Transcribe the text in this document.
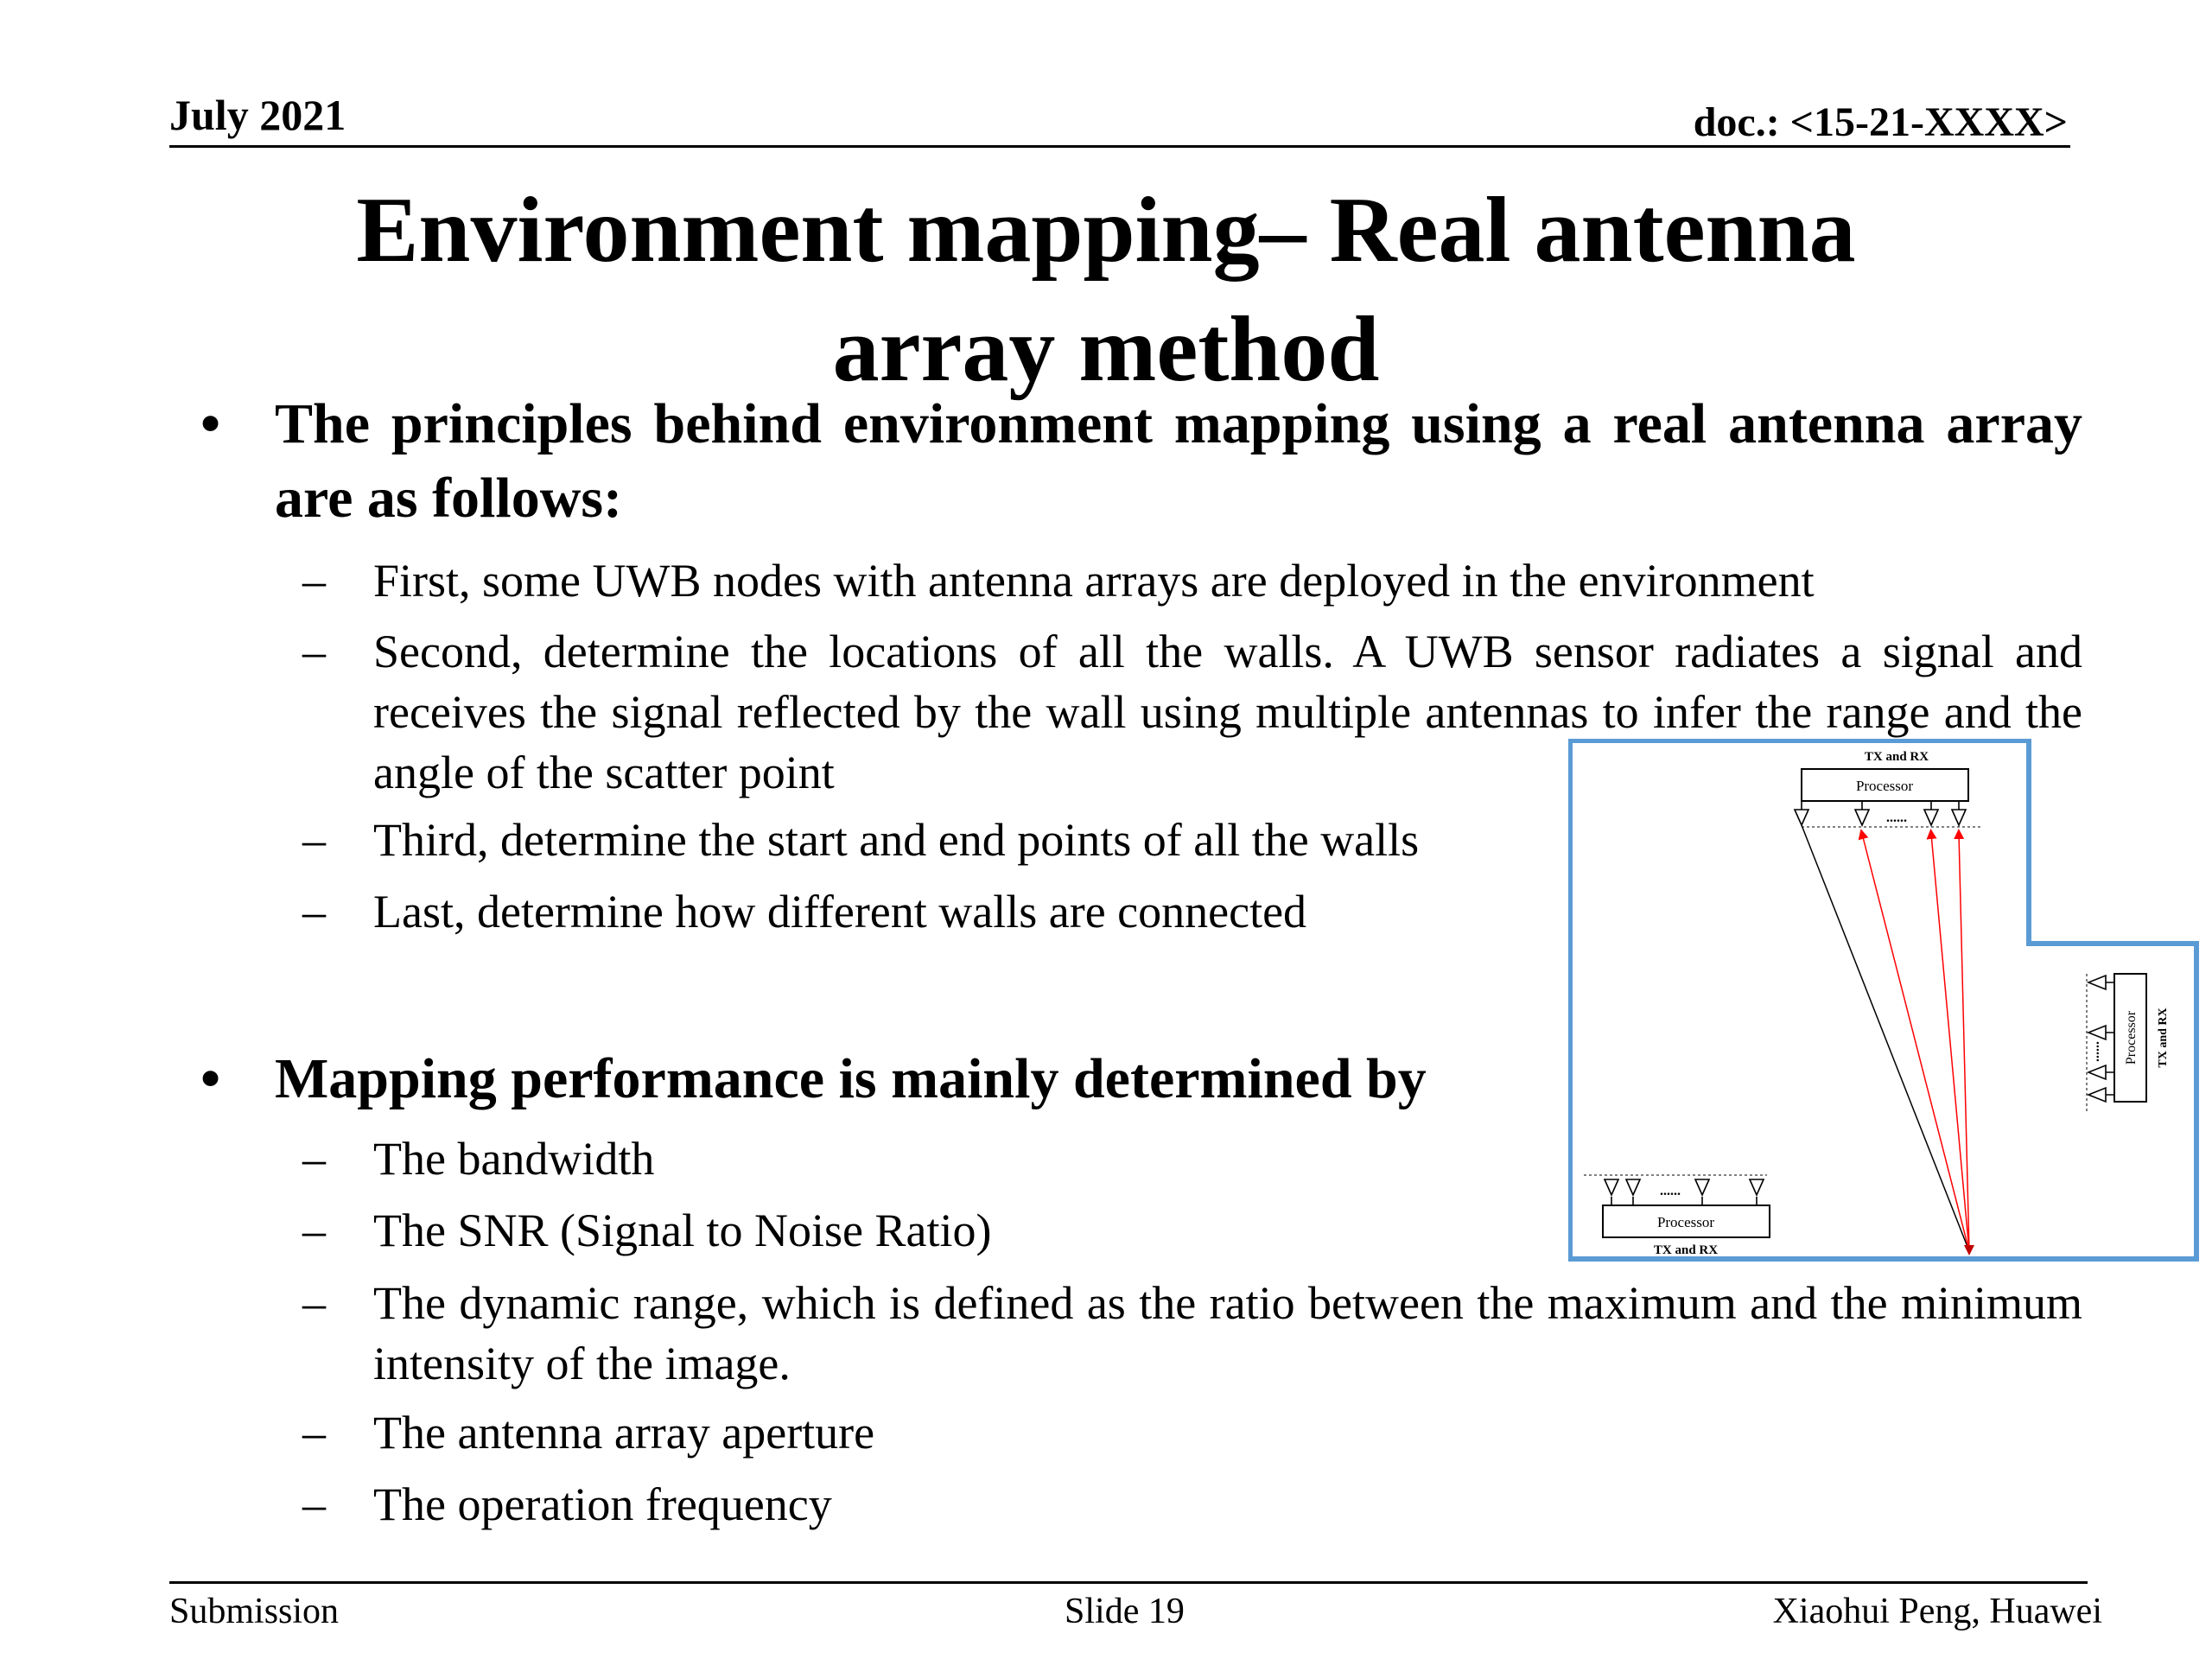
July 2021	doc.: <15-21-XXXX>
Environment mapping– Real antenna
array method
• The principles behind environment mapping using a real antenna array are as follows:
– First, some UWB nodes with antenna arrays are deployed in the environment
– Second, determine the locations of all the walls. A UWB sensor radiates a signal and receives the signal reflected by the wall using multiple antennas to infer the range and the angle of the scatter point
– Third, determine the start and end points of all the walls
– Last, determine how different walls are connected
• Mapping performance is mainly determined by
– The bandwidth
– The SNR (Signal to Noise Ratio)
– The dynamic range, which is defined as the ratio between the maximum and the minimum intensity of the image.
– The antenna array aperture
– The operation frequency
TX and RX
Processor
......
Processor TX and RX
......
......
Processor
TX and RX
Submission	Slide 19	Xiaohui Peng, Huawei
